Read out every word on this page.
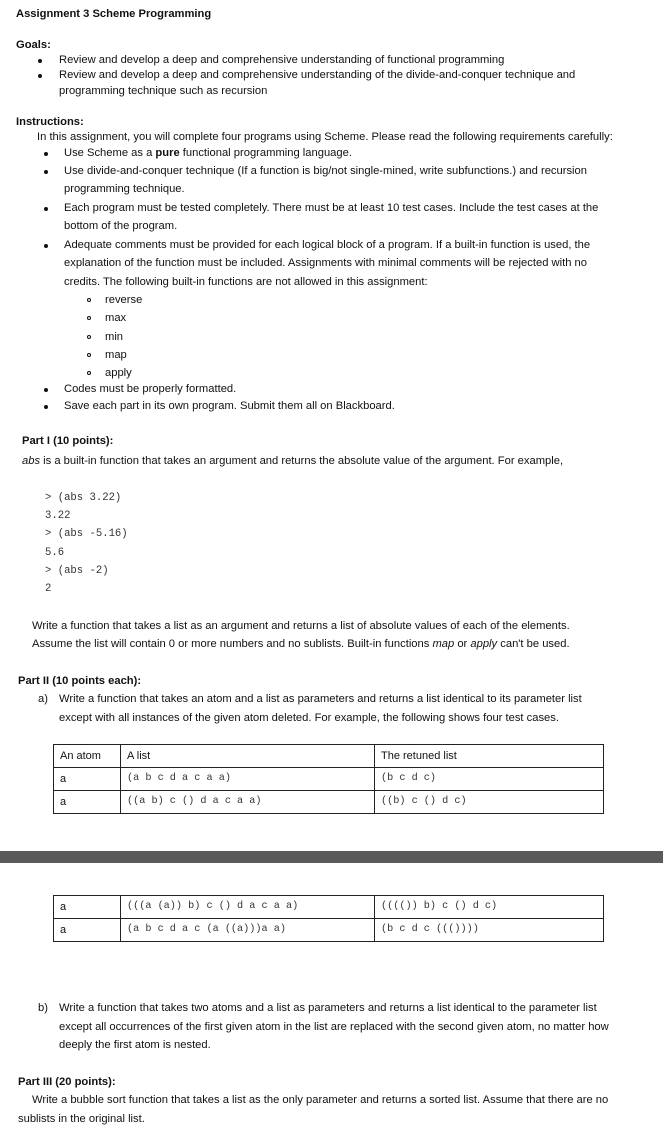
Assignment 3 Scheme Programming
Goals:
Review and develop a deep and comprehensive understanding of functional programming
Review and develop a deep and comprehensive understanding of the divide-and-conquer technique and
programming technique such as recursion
Instructions:
In this assignment, you will complete four programs using Scheme. Please read the following requirements carefully:
Use Scheme as a pure functional programming language.
Use divide-and-conquer technique (If a function is big/not single-mined, write subfunctions.) and recursion
programming technique.
Each program must be tested completely. There must be at least 10 test cases. Include the test cases at the
bottom of the program.
Adequate comments must be provided for each logical block of a program. If a built-in function is used, the
explanation of the function must be included. Assignments with minimal comments will be rejected with no
credits. The following built-in functions are not allowed in this assignment:
reverse
max
min
map
apply
Codes must be properly formatted.
Save each part in its own program. Submit them all on Blackboard.
Part I (10 points):
abs is a built-in function that takes an argument and returns the absolute value of the argument. For example,
> (abs 3.22)
3.22
> (abs -5.16)
5.6
> (abs -2)
2
Write a function that takes a list as an argument and returns a list of absolute values of each of the elements.
Assume the list will contain 0 or more numbers and no sublists. Built-in functions map or apply can't be used.
Part II (10 points each):
a) Write a function that takes an atom and a list as parameters and returns a list identical to its parameter list
except with all instances of the given atom deleted. For example, the following shows four test cases.
An atom	A list	The retuned list
a	(a b c d a c a a)	(b c d c)
a	((a b) c () d a c a a)	((b) c () d c)
a	(((a (a)) b) c () d a c a a)	(((()) b) c () d c)
a	(a b c d a c (a ((a)))a a)	(b c d c ((())))
b) Write a function that takes two atoms and a list as parameters and returns a list identical to the parameter list
except all occurrences of the first given atom in the list are replaced with the second given atom, no matter how
deeply the first atom is nested.
Part III (20 points):
Write a bubble sort function that takes a list as the only parameter and returns a sorted list. Assume that there are no
sublists in the original list.
